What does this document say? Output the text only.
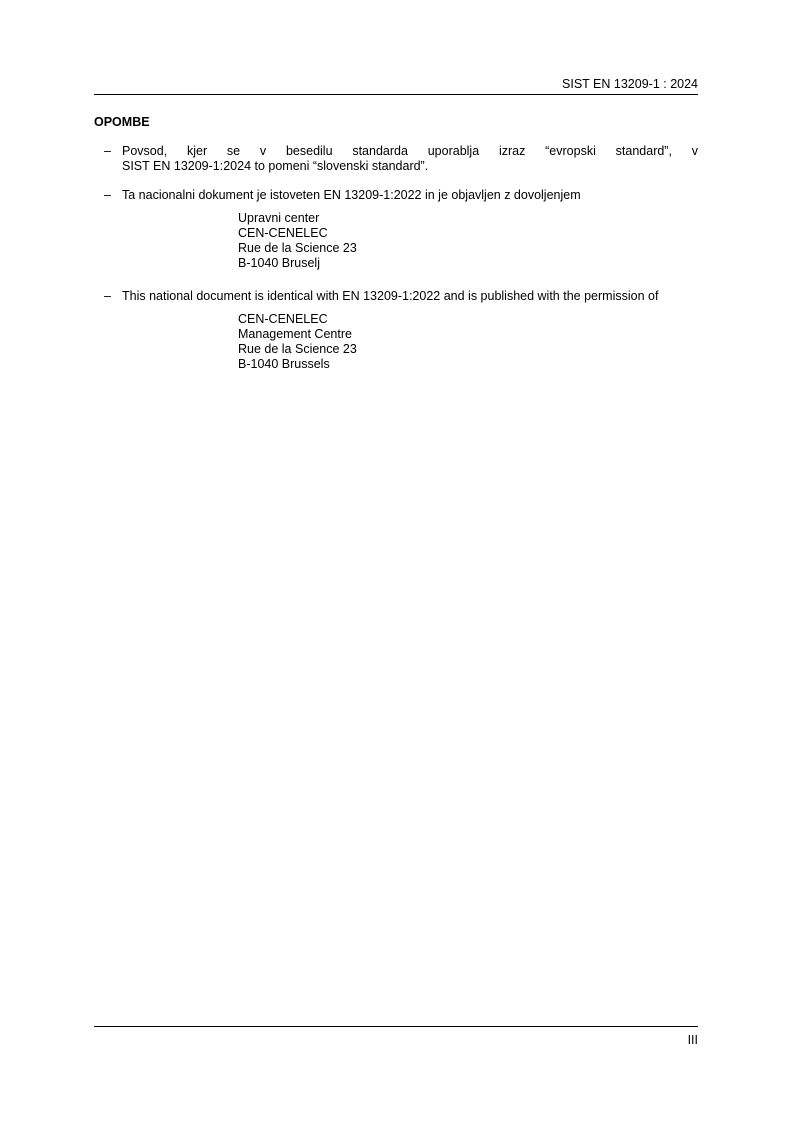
SIST EN 13209-1 : 2024
OPOMBE
– Povsod, kjer se v besedilu standarda uporablja izraz “evropski standard”, v
SIST EN 13209-1:2024 to pomeni “slovenski standard”.
– Ta nacionalni dokument je istoveten EN 13209-1:2022 in je objavljen z dovoljenjem
Upravni center
CEN-CENELEC
Rue de la Science 23
B-1040 Bruselj
– This national document is identical with EN 13209-1:2022 and is published with the permission of
CEN-CENELEC
Management Centre
Rue de la Science 23
B-1040 Brussels
III
